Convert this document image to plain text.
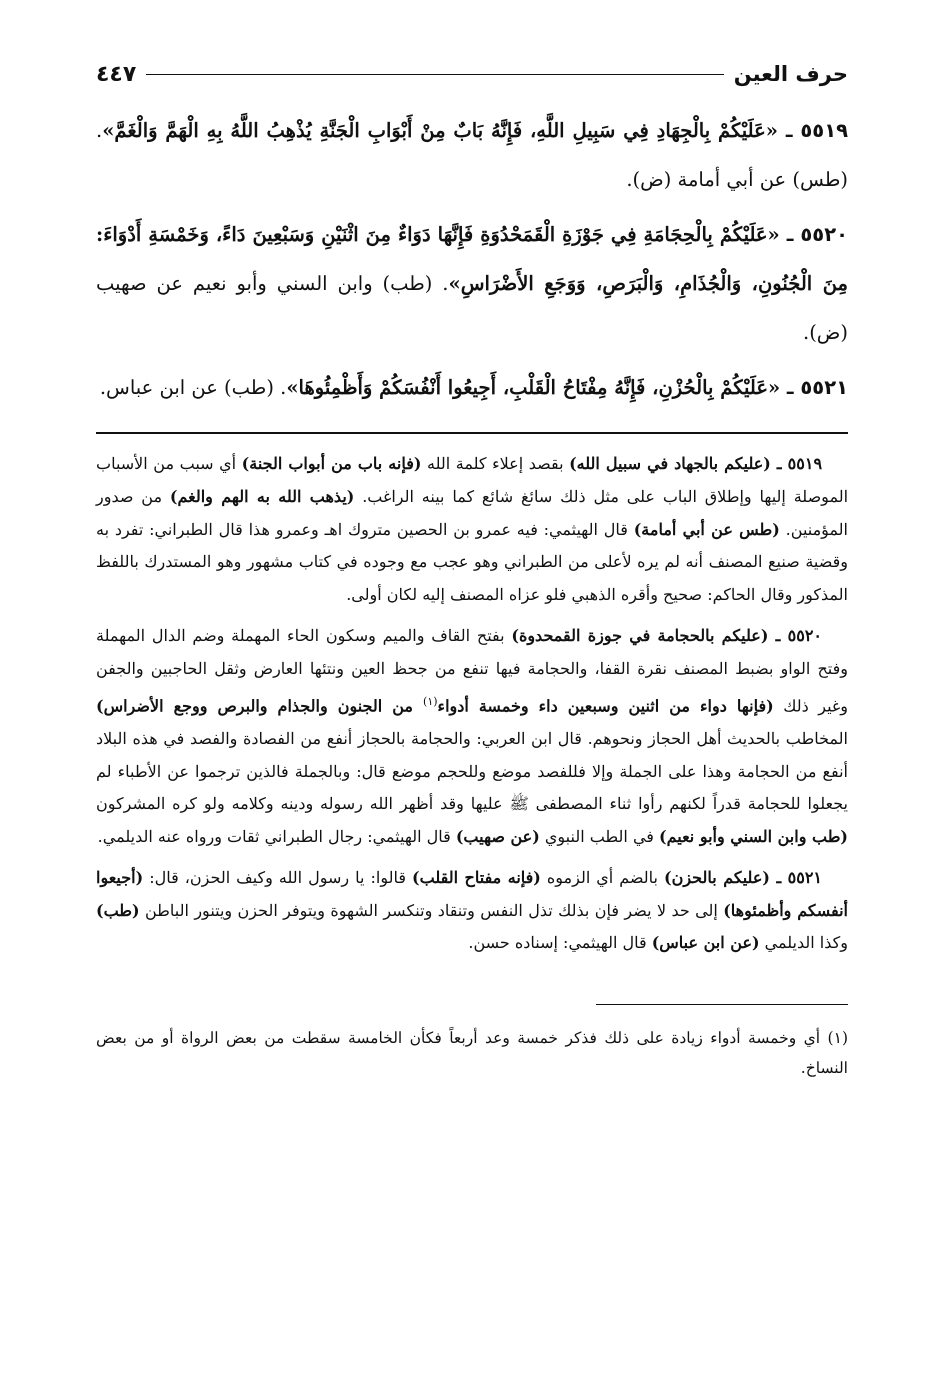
حرف العين
٤٤٧

٥٥١٩ ـ «عَلَيْكُمْ بِالْجِهَادِ فِي سَبِيلِ اللَّهِ، فَإِنَّهُ بَابٌ مِنْ أَبْوَابِ الْجَنَّةِ يُذْهِبُ اللَّهُ بِهِ الْهَمَّ وَالْغَمَّ». (طس) عن أبي أمامة (ض).

٥٥٢٠ ـ «عَلَيْكُمْ بِالْحِجَامَةِ فِي جَوْزَةِ الْقَمَحْدُوَةِ فَإِنَّهَا دَوَاءٌ مِنَ اثْنَيْنِ وَسَبْعِينَ دَاءً، وَخَمْسَةِ أَدْوَاءَ: مِنَ الْجُنُونِ، وَالْجُذَامِ، وَالْبَرَصِ، وَوَجَعِ الأَضْرَاسِ». (طب) وابن السني وأبو نعيم عن صهيب (ض).

٥٥٢١ ـ «عَلَيْكُمْ بِالْحُزْنِ، فَإِنَّهُ مِفْتَاحُ الْقَلْبِ، أَجِيعُوا أَنْفُسَكُمْ وَأَظْمِئُوهَا». (طب) عن ابن عباس.

٥٥١٩ ـ (عليكم بالجهاد في سبيل الله) بقصد إعلاء كلمة الله (فإنه باب من أبواب الجنة) أي سبب من الأسباب الموصلة إليها وإطلاق الباب على مثل ذلك سائغ شائع كما بينه الراغب. (يذهب الله به الهم والغم) من صدور المؤمنين. (طس عن أبي أمامة) قال الهيثمي: فيه عمرو بن الحصين متروك اهـ وعمرو هذا قال الطبراني: تفرد به وقضية صنيع المصنف أنه لم يره لأعلى من الطبراني وهو عجب مع وجوده في كتاب مشهور وهو المستدرك باللفظ المذكور وقال الحاكم: صحيح وأقره الذهبي فلو عزاه المصنف إليه لكان أولى.

٥٥٢٠ ـ (عليكم بالحجامة في جوزة القمحدوة) بفتح القاف والميم وسكون الحاء المهملة وضم الدال المهملة وفتح الواو بضبط المصنف نقرة القفا، والحجامة فيها تنفع من جحظ العين ونتئها العارض وثقل الحاجبين والجفن وغير ذلك (فإنها دواء من اثنين وسبعين داء وخمسة أدواء$^{(١)}$ من الجنون والجذام والبرص ووجع الأضراس) المخاطب بالحديث أهل الحجاز ونحوهم. قال ابن العربي: والحجامة بالحجاز أنفع من الفصادة والفصد في هذه البلاد أنفع من الحجامة وهذا على الجملة وإلا فللفصد موضع وللحجم موضع قال: وبالجملة فالذين ترجموا عن الأطباء لم يجعلوا للحجامة قدراً لكنهم رأوا ثناء المصطفى ﷺ عليها وقد أظهر الله رسوله ودينه وكلامه ولو كره المشركون (طب وابن السني وأبو نعيم) في الطب النبوي (عن صهيب) قال الهيثمي: رجال الطبراني ثقات ورواه عنه الديلمي.

٥٥٢١ ـ (عليكم بالحزن) بالضم أي الزموه (فإنه مفتاح القلب) قالوا: يا رسول الله وكيف الحزن، قال: (أجيعوا أنفسكم وأظمئوها) إلى حد لا يضر فإن بذلك تذل النفس وتنقاد وتنكسر الشهوة ويتوفر الحزن ويتنور الباطن (طب) وكذا الديلمي (عن ابن عباس) قال الهيثمي: إسناده حسن.

(١) أي وخمسة أدواء زيادة على ذلك فذكر خمسة وعد أربعاً فكأن الخامسة سقطت من بعض الرواة أو من بعض النساخ.
